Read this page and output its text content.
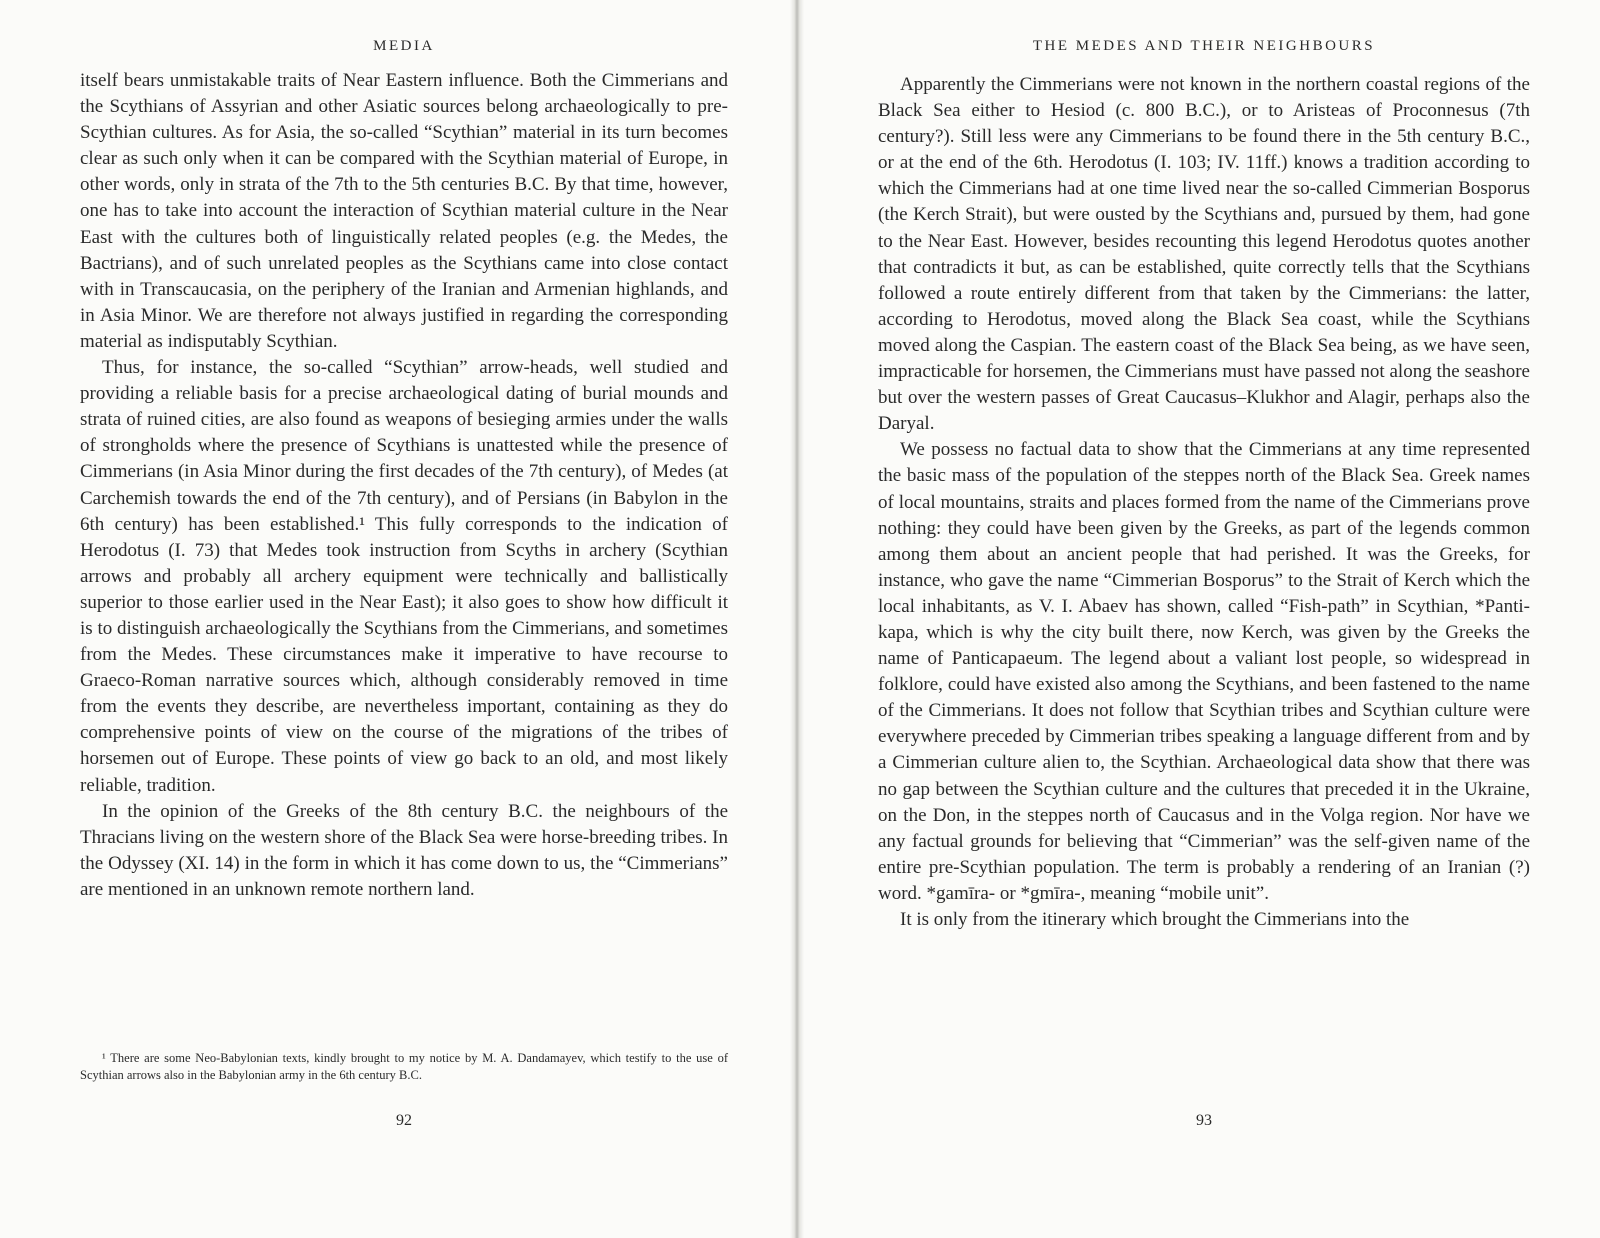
MEDIA

itself bears unmistakable traits of Near Eastern influence. Both the Cimmerians and the Scythians of Assyrian and other Asiatic sources belong archaeologically to pre-Scythian cultures. As for Asia, the so-called “Scythian” material in its turn becomes clear as such only when it can be compared with the Scythian material of Europe, in other words, only in strata of the 7th to the 5th centuries B.C. By that time, however, one has to take into account the interaction of Scythian material culture in the Near East with the cultures both of linguistically related peoples (e.g. the Medes, the Bactrians), and of such unrelated peoples as the Scythians came into close contact with in Transcaucasia, on the periphery of the Iranian and Armenian highlands, and in Asia Minor. We are therefore not always justified in regarding the corresponding material as indisputably Scythian.

Thus, for instance, the so-called “Scythian” arrow-heads, well studied and providing a reliable basis for a precise archaeological dating of burial mounds and strata of ruined cities, are also found as weapons of besieging armies under the walls of strongholds where the presence of Scythians is unattested while the presence of Cimmerians (in Asia Minor during the first decades of the 7th century), of Medes (at Carchemish towards the end of the 7th century), and of Persians (in Babylon in the 6th century) has been established.¹ This fully corresponds to the indication of Herodotus (I. 73) that Medes took instruction from Scyths in archery (Scythian arrows and probably all archery equipment were technically and ballistically superior to those earlier used in the Near East); it also goes to show how difficult it is to distinguish archaeologically the Scythians from the Cimmerians, and sometimes from the Medes. These circumstances make it imperative to have recourse to Graeco-Roman narrative sources which, although considerably removed in time from the events they describe, are nevertheless important, containing as they do comprehensive points of view on the course of the migrations of the tribes of horsemen out of Europe. These points of view go back to an old, and most likely reliable, tradition.

In the opinion of the Greeks of the 8th century B.C. the neighbours of the Thracians living on the western shore of the Black Sea were horse-breeding tribes. In the Odyssey (XI. 14) in the form in which it has come down to us, the “Cimmerians” are mentioned in an unknown remote northern land.

¹ There are some Neo-Babylonian texts, kindly brought to my notice by M. A. Dandamayev, which testify to the use of Scythian arrows also in the Babylonian army in the 6th century B.C.
92
THE MEDES AND THEIR NEIGHBOURS

Apparently the Cimmerians were not known in the northern coastal regions of the Black Sea either to Hesiod (c. 800 B.C.), or to Aristeas of Proconnesus (7th century?). Still less were any Cimmerians to be found there in the 5th century B.C., or at the end of the 6th. Herodotus (I. 103; IV. 11ff.) knows a tradition according to which the Cimmerians had at one time lived near the so-called Cimmerian Bosporus (the Kerch Strait), but were ousted by the Scythians and, pursued by them, had gone to the Near East. However, besides recounting this legend Herodotus quotes another that contradicts it but, as can be established, quite correctly tells that the Scythians followed a route entirely different from that taken by the Cimmerians: the latter, according to Herodotus, moved along the Black Sea coast, while the Scythians moved along the Caspian. The eastern coast of the Black Sea being, as we have seen, impracticable for horsemen, the Cimmerians must have passed not along the seashore but over the western passes of Great Caucasus–Klukhor and Alagir, perhaps also the Daryal.

We possess no factual data to show that the Cimmerians at any time represented the basic mass of the population of the steppes north of the Black Sea. Greek names of local mountains, straits and places formed from the name of the Cimmerians prove nothing: they could have been given by the Greeks, as part of the legends common among them about an ancient people that had perished. It was the Greeks, for instance, who gave the name “Cimmerian Bosporus” to the Strait of Kerch which the local inhabitants, as V. I. Abaev has shown, called “Fish-path” in Scythian, *Panti-kapa, which is why the city built there, now Kerch, was given by the Greeks the name of Panticapaeum. The legend about a valiant lost people, so widespread in folklore, could have existed also among the Scythians, and been fastened to the name of the Cimmerians. It does not follow that Scythian tribes and Scythian culture were everywhere preceded by Cimmerian tribes speaking a language different from and by a Cimmerian culture alien to, the Scythian. Archaeological data show that there was no gap between the Scythian culture and the cultures that preceded it in the Ukraine, on the Don, in the steppes north of Caucasus and in the Volga region. Nor have we any factual grounds for believing that “Cimmerian” was the self-given name of the entire pre-Scythian population. The term is probably a rendering of an Iranian (?) word. *gamīra- or *gmīra-, meaning “mobile unit”.

It is only from the itinerary which brought the Cimmerians into the

93
